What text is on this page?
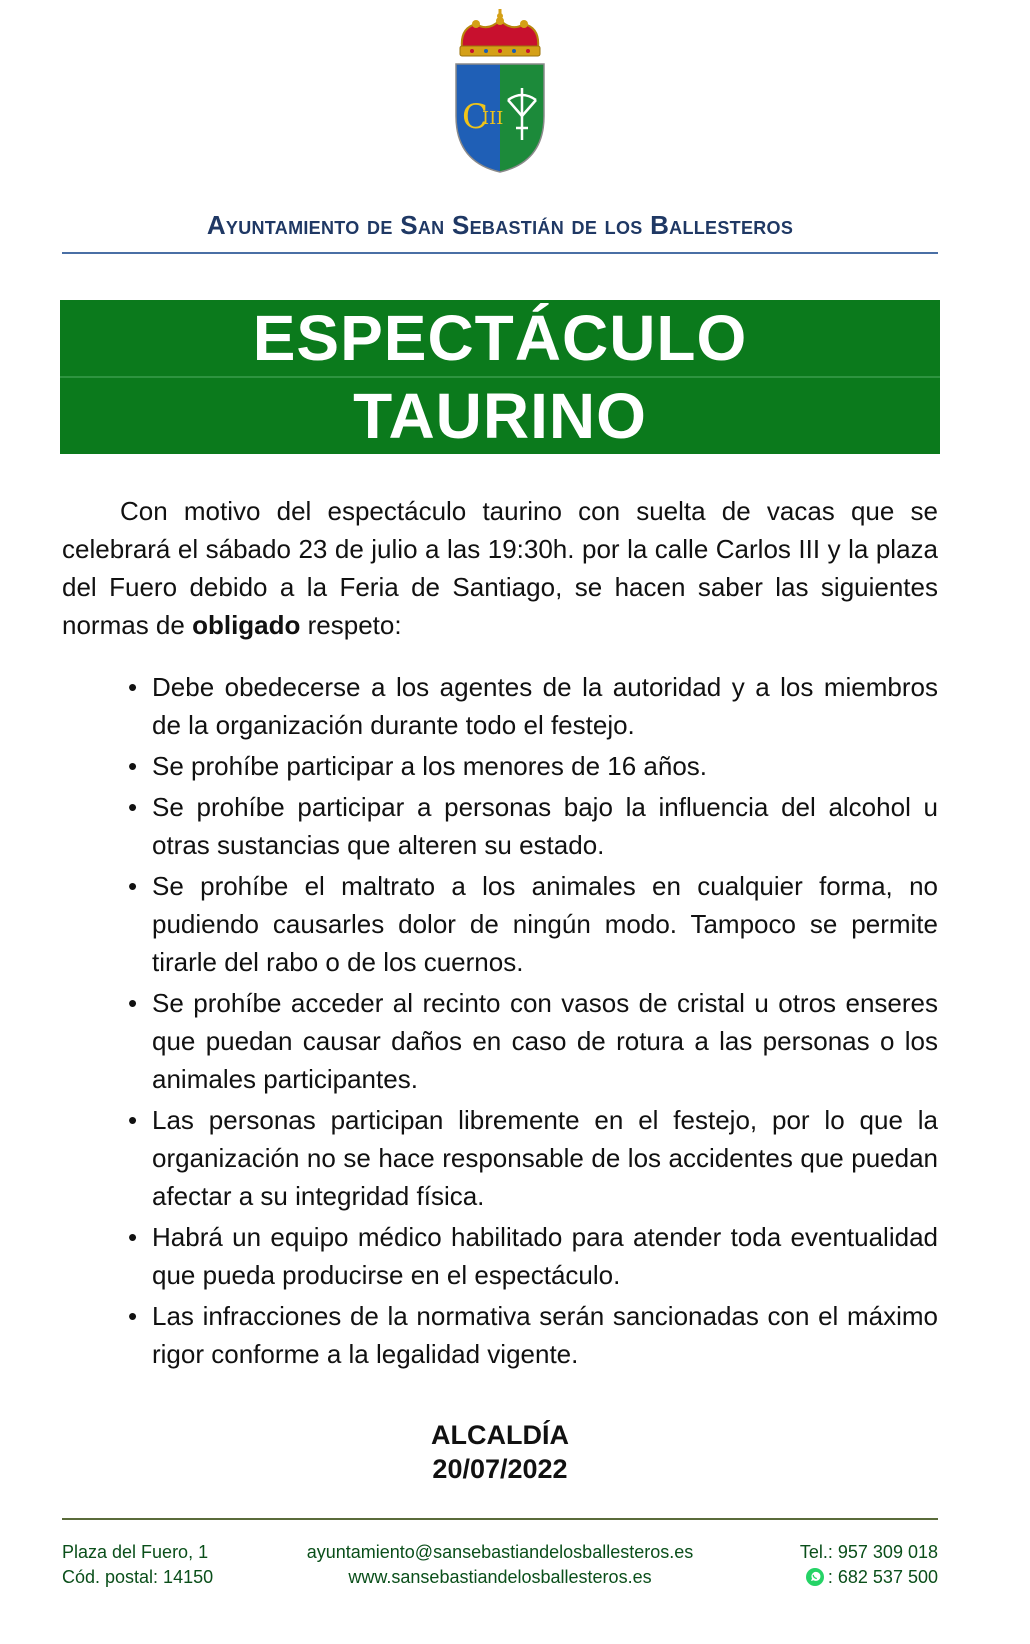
C
III
Ayuntamiento de San Sebastián de los Ballesteros
ESPECTÁCULO
TAURINO

Con motivo del espectáculo taurino con suelta de vacas que se celebrará el sábado 23 de julio a las 19:30h. por la calle Carlos III y la plaza del Fuero debido a la Feria de Santiago, se hacen saber las siguientes normas de obligado respeto:

• Debe obedecerse a los agentes de la autoridad y a los miembros de la organización durante todo el festejo.
• Se prohíbe participar a los menores de 16 años.
• Se prohíbe participar a personas bajo la influencia del alcohol u otras sustancias que alteren su estado.
• Se prohíbe el maltrato a los animales en cualquier forma, no pudiendo causarles dolor de ningún modo. Tampoco se permite tirarle del rabo o de los cuernos.
• Se prohíbe acceder al recinto con vasos de cristal u otros enseres que puedan causar daños en caso de rotura a las personas o los animales participantes.
• Las personas participan libremente en el festejo, por lo que la organización no se hace responsable de los accidentes que puedan afectar a su integridad física.
• Habrá un equipo médico habilitado para atender toda eventualidad que pueda producirse en el espectáculo.
• Las infracciones de la normativa serán sancionadas con el máximo rigor conforme a la legalidad vigente.
ALCALDÍA
20/07/2022
Plaza del Fuero, 1
Cód. postal: 14150
ayuntamiento@sansebastiandelosballesteros.es
www.sansebastiandelosballesteros.es
Tel.: 957 309 018
: 682 537 500
